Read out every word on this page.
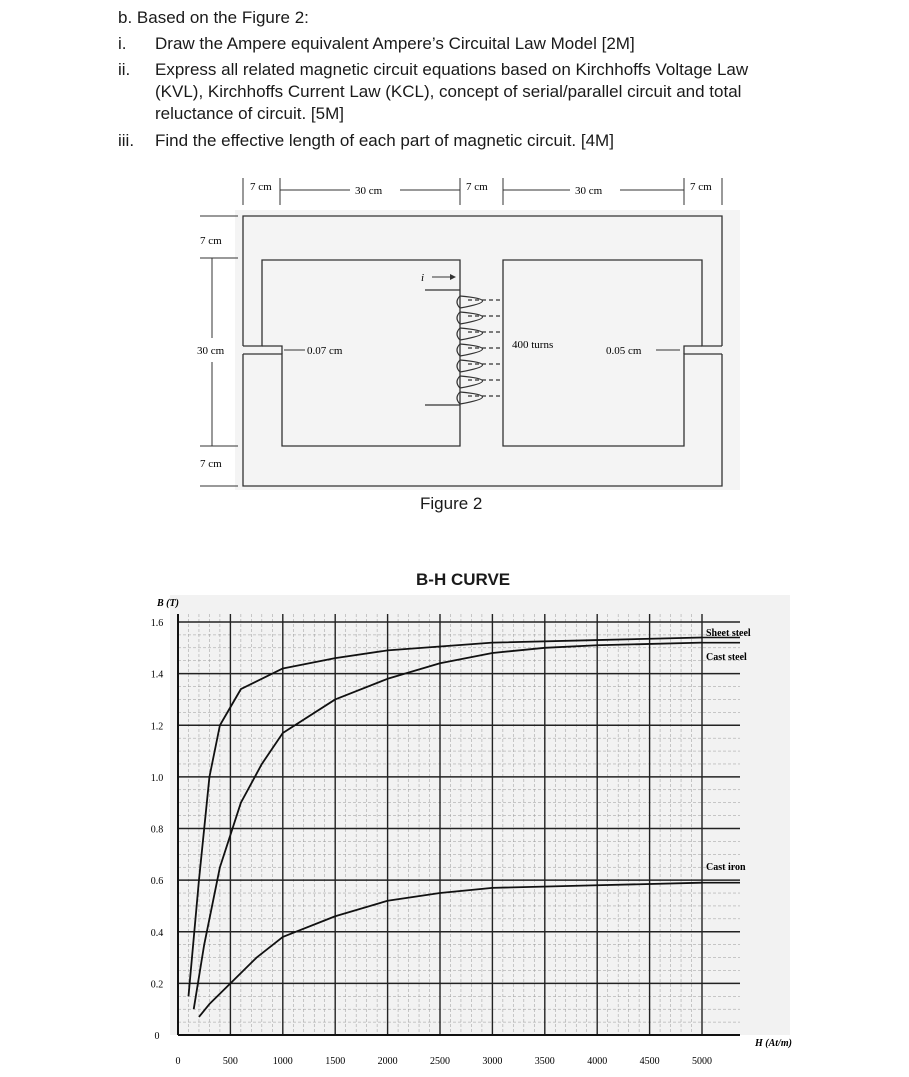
b. Based on the Figure 2:
i. Draw the Ampere equivalent Ampere’s Circuital Law Model [2M]
ii. Express all related magnetic circuit equations based on Kirchhoffs Voltage Law
(KVL), Kirchhoffs Current Law (KCL), concept of serial/parallel circuit and total
reluctance of circuit. [5M]
iii. Find the effective length of each part of magnetic circuit. [4M]
i
7 cm	30 cm	7 cm	30 cm	7 cm
7 cm
30 cm
7 cm
0.07 cm	400 turns	0.05 cm
Figure 2
B-H CURVE
0	500	1000	1500	2000	2500	3000	3500	4000	4500	5000
0
0.2
0.4
0.6
0.8
1.0
1.2
1.4
1.6
B (T)
H (At/m)
Sheet steel
Cast steel
Cast iron
